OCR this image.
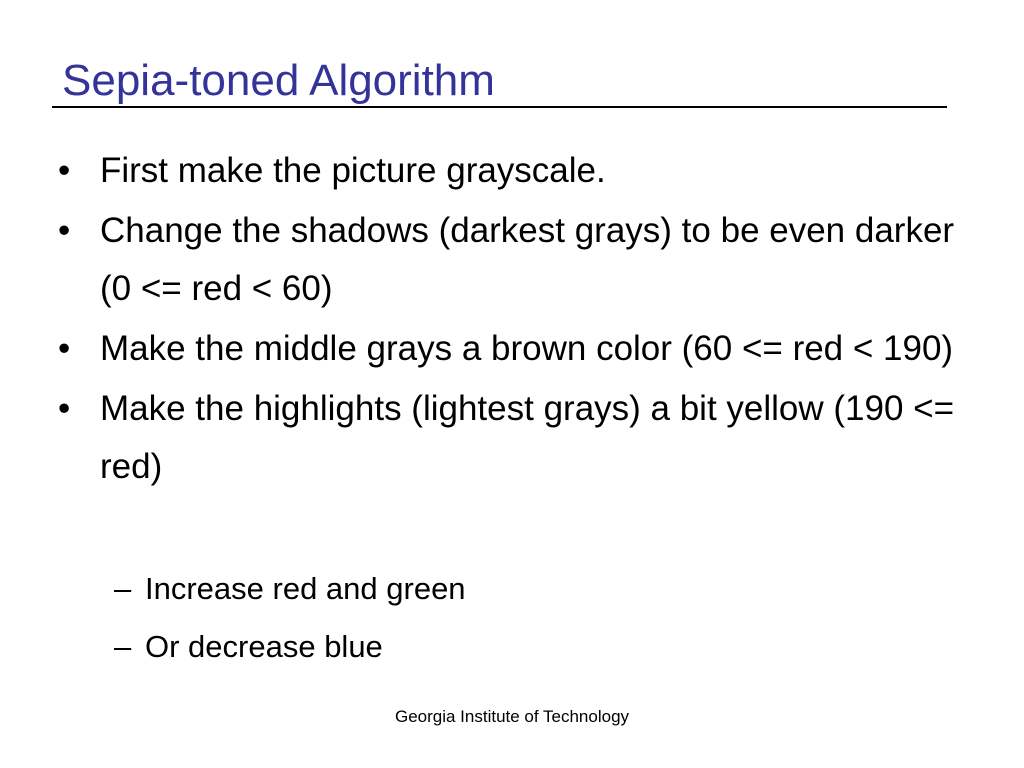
Sepia-toned Algorithm
• First make the picture grayscale.
• Change the shadows (darkest grays) to be even darker (0 <= red < 60)
• Make the middle grays a brown color (60 <= red < 190)
• Make the highlights (lightest grays) a bit yellow (190 <= red)
– Increase red and green
– Or decrease blue
Georgia Institute of Technology
